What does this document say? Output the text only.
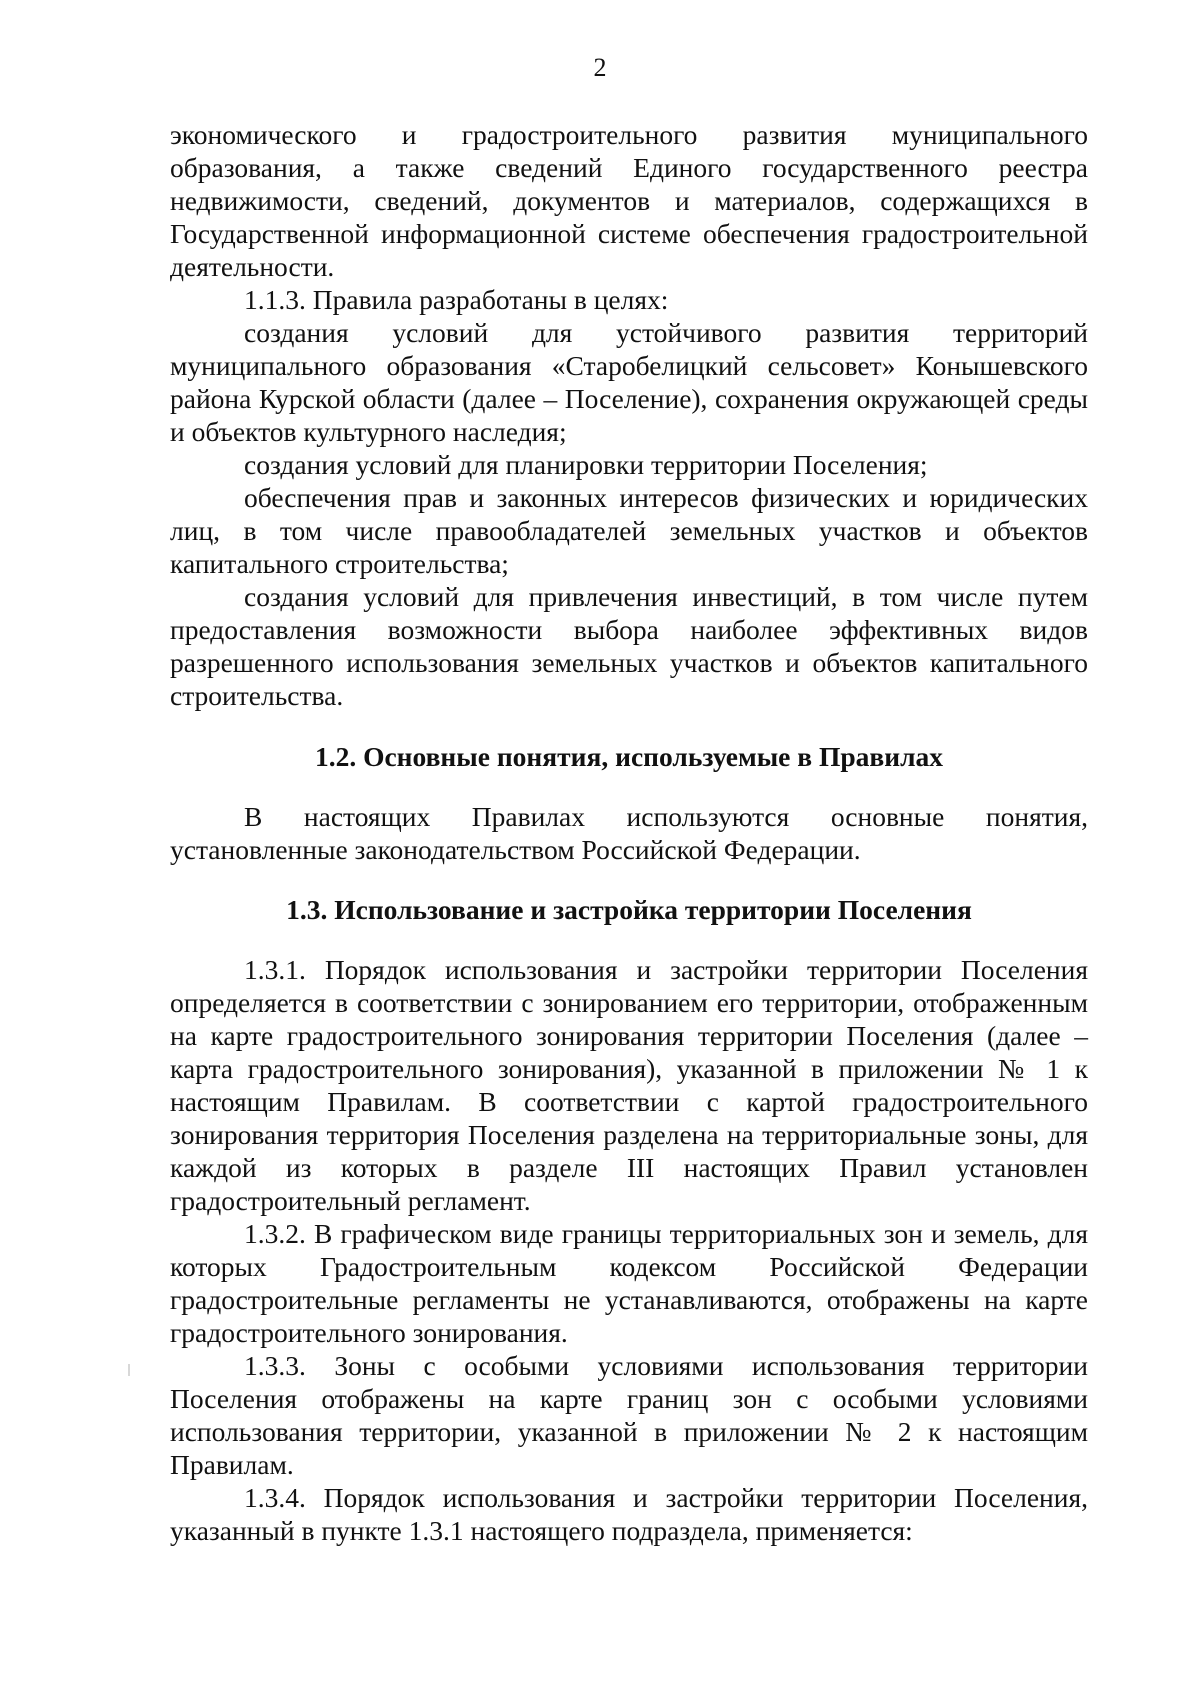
2

экономического и градостроительного развития муниципального образования, а также сведений Единого государственного реестра недвижимости, сведений, документов и материалов, содержащихся в Государственной информационной системе обеспечения градостроительной деятельности.

1.1.3. Правила разработаны в целях:

создания условий для устойчивого развития территорий муниципального образования «Старобелицкий сельсовет» Конышевского района Курской области (далее – Поселение), сохранения окружающей среды и объектов культурного наследия;

создания условий для планировки территории Поселения;

обеспечения прав и законных интересов физических и юридических лиц, в том числе правообладателей земельных участков и объектов капитального строительства;

создания условий для привлечения инвестиций, в том числе путем предоставления возможности выбора наиболее эффективных видов разрешенного использования земельных участков и объектов капитального строительства.

1.2. Основные понятия, используемые в Правилах

В настоящих Правилах используются основные понятия, установленные законодательством Российской Федерации.

1.3. Использование и застройка территории Поселения

1.3.1. Порядок использования и застройки территории Поселения определяется в соответствии с зонированием его территории, отображенным на карте градостроительного зонирования территории Поселения (далее – карта градостроительного зонирования), указанной в приложении № 1 к настоящим Правилам. В соответствии с картой градостроительного зонирования территория Поселения разделена на территориальные зоны, для каждой из которых в разделе III настоящих Правил установлен градостроительный регламент.

1.3.2. В графическом виде границы территориальных зон и земель, для которых Градостроительным кодексом Российской Федерации градостроительные регламенты не устанавливаются, отображены на карте градостроительного зонирования.

1.3.3. Зоны с особыми условиями использования территории Поселения отображены на карте границ зон с особыми условиями использования территории, указанной в приложении № 2 к настоящим Правилам.

1.3.4. Порядок использования и застройки территории Поселения, указанный в пункте 1.3.1 настоящего подраздела, применяется:
